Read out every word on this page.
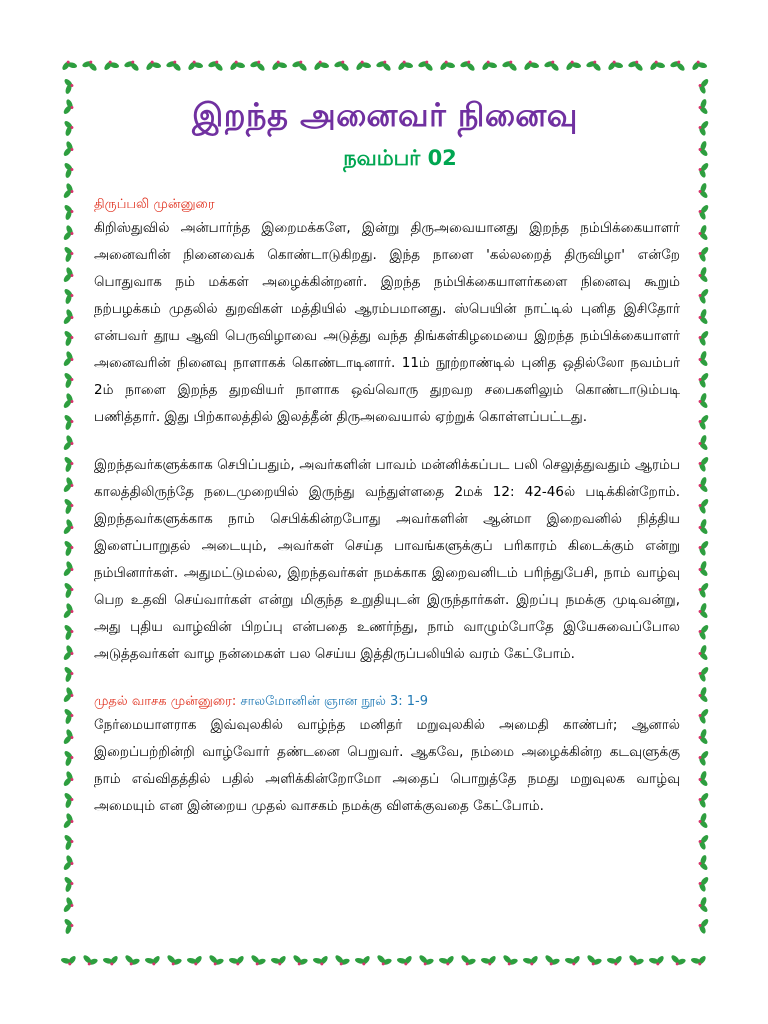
இறந்த அனைவர் நினைவு
நவம்பர் 02

திருப்பலி முன்னுரை

கிறிஸ்துவில் அன்பார்ந்த இறைமக்களே, இன்று திருஅவையானது இறந்த நம்பிக்கையாளர் அனைவரின் நினைவைக் கொண்டாடுகிறது. இந்த நாளை 'கல்லறைத் திருவிழா' என்றே பொதுவாக நம் மக்கள் அழைக்கின்றனர். இறந்த நம்பிக்கையாளர்களை நினைவு கூறும் நற்பழக்கம் முதலில் துறவிகள் மத்தியில் ஆரம்பமானது. ஸ்பெயின் நாட்டில் புனித இசிதோர் என்பவர் தூய ஆவி பெருவிழாவை அடுத்து வந்த திங்கள்கிழமையை இறந்த நம்பிக்கையாளர் அனைவரின் நினைவு நாளாகக் கொண்டாடினார். 11ம் நூற்றாண்டில் புனித ஒதில்லோ நவம்பர் 2ம் நாளை இறந்த துறவியர் நாளாக ஒவ்வொரு துறவற சபைகளிலும் கொண்டாடும்படி பணித்தார். இது பிற்காலத்தில் இலத்தீன் திருஅவையால் ஏற்றுக் கொள்ளப்பட்டது.

இறந்தவர்களுக்காக செபிப்பதும், அவர்களின் பாவம் மன்னிக்கப்பட பலி செலுத்துவதும் ஆரம்ப காலத்திலிருந்தே நடைமுறையில் இருந்து வந்துள்ளதை 2மக் 12: 42-46ல் படிக்கின்றோம். இறந்தவர்களுக்காக நாம் செபிக்கின்றபோது அவர்களின் ஆன்மா இறைவனில் நித்திய இளைப்பாறுதல் அடையும், அவர்கள் செய்த பாவங்களுக்குப் பரிகாரம் கிடைக்கும் என்று நம்பினார்கள். அதுமட்டுமல்ல, இறந்தவர்கள் நமக்காக இறைவனிடம் பரிந்துபேசி, நாம் வாழ்வு பெற உதவி செய்வார்கள் என்று மிகுந்த உறுதியுடன் இருந்தார்கள். இறப்பு நமக்கு முடிவன்று, அது புதிய வாழ்வின் பிறப்பு என்பதை உணர்ந்து, நாம் வாழும்போதே இயேசுவைப்போல அடுத்தவர்கள் வாழ நன்மைகள் பல செய்ய இத்திருப்பலியில் வரம் கேட்போம்.

முதல் வாசக முன்னுரை: சாலமோனின் ஞான நூல் 3: 1-9

நேர்மையாளராக இவ்வுலகில் வாழ்ந்த மனிதர் மறுவுலகில் அமைதி காண்பர்; ஆனால் இறைப்பற்றின்றி வாழ்வோர் தண்டனை பெறுவர். ஆகவே, நம்மை அழைக்கின்ற கடவுளுக்கு நாம் எவ்விதத்தில் பதில் அளிக்கின்றோமோ அதைப் பொறுத்தே நமது மறுவுலக வாழ்வு அமையும் என இன்றைய முதல் வாசகம் நமக்கு விளக்குவதை கேட்போம்.
